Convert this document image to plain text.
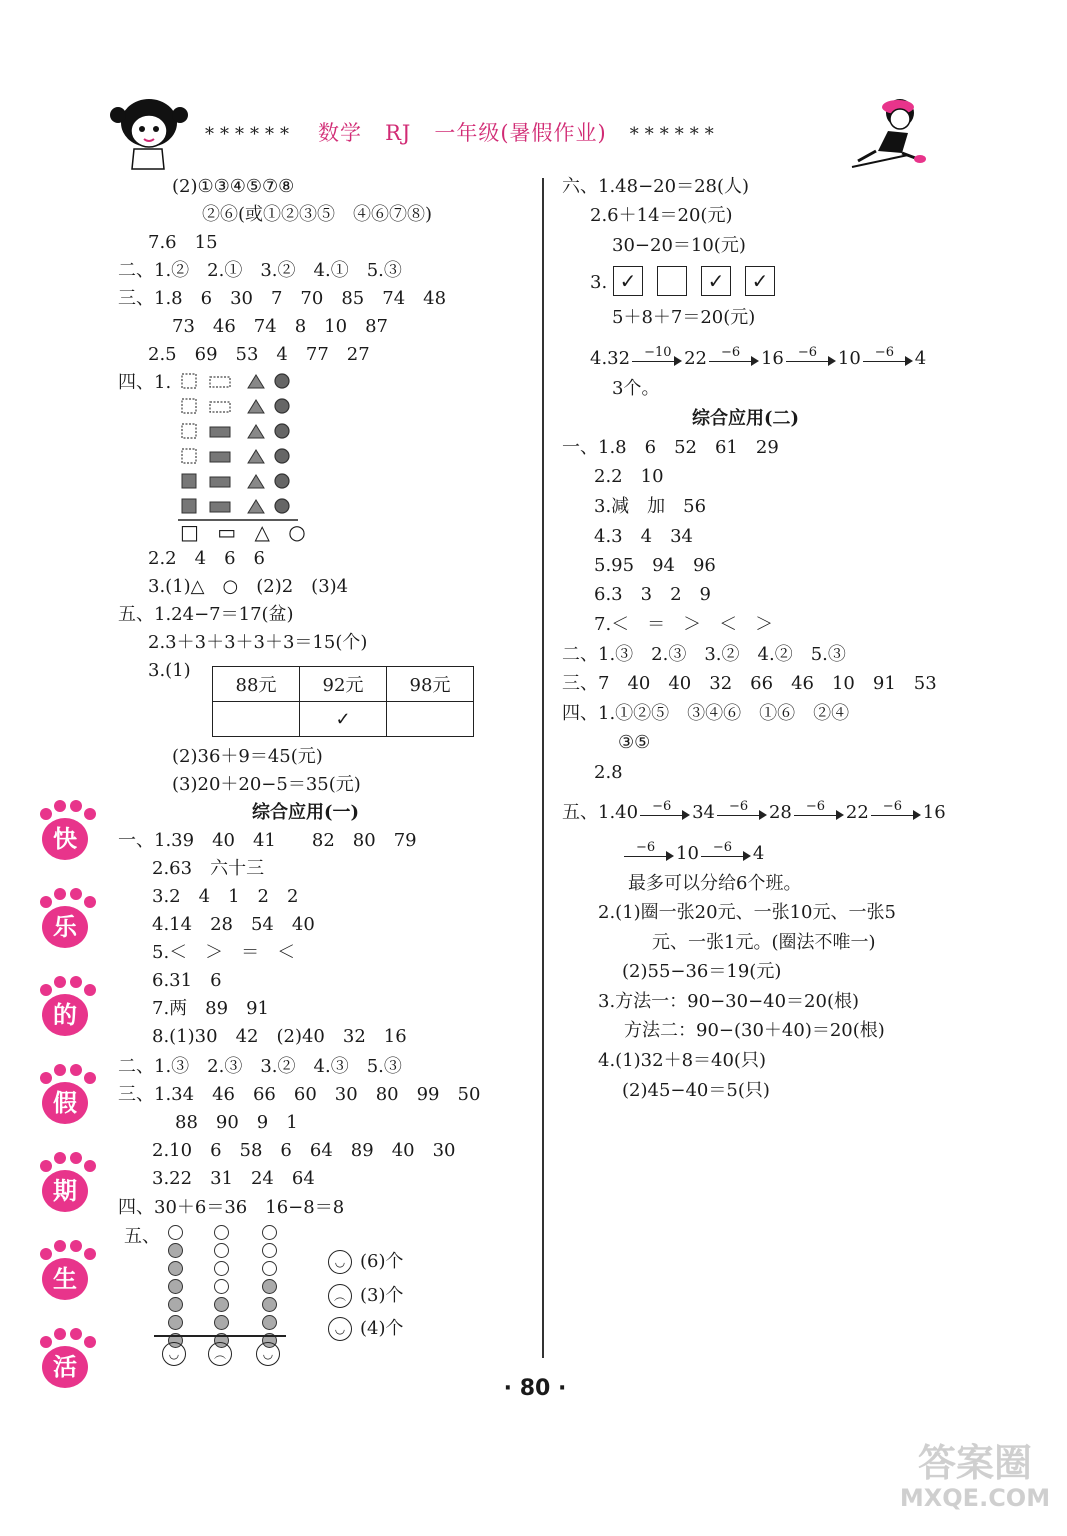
****** 数学 RJ 一年级(暑假作业) ******
(2)①③④⑤⑦⑧
②⑥(或①②③⑤　④⑥⑦⑧)
7.6　15
二、1.②　2.①　3.②　4.①　5.③
三、1.8　6　30　7　70　85　74　48
73　46　74　8　10　87
2.5　69　53　4　77　27
四、1.
□ ▭ △ ○
2.2　4　6　6
3.(1)△　○　(2)2　(3)4
五、1.24−7＝17(盆)
2.3＋3＋3＋3＋3＝15(个)
3.(1)
88元	92元	98元
	✓	
(2)36＋9＝45(元)
(3)20＋20−5＝35(元)
综合应用(一)
一、1.39　40　41　　82　80　79
2.63　六十三
3.2　4　1　2　2
4.14　28　54　40
5.＜　＞　＝　＜
6.31　6
7.两　89　91
8.(1)30　42　(2)40　32　16
二、1.③　2.③　3.②　4.③　5.③
三、1.34　46　66　60　30　80　99　50
88　90　9　1
2.10　6　58　6　64　89　40　30
3.22　31　24　64
四、30＋6＝36　16−8＝8
五、
◡	︵	◡
◡ (6)个
︵ (3)个
◡ (4)个
六、1.48−20＝28(人)
2.6＋14＝20(元)
30−20＝10(元)
3. ✓	✓ ✓
5＋8＋7＝20(元)
4.32 −10 22 −6 16 −6 10 −6 4
3个。
综合应用(二)
一、1.8　6　52　61　29
2.2　10
3.减　加　56
4.3　4　34
5.95　94　96
6.3　3　2　9
7.＜　＝　＞　＜　＞
二、1.③　2.③　3.②　4.②　5.③
三、7　40　40　32　66　46　10　91　53
四、1.①②⑤　③④⑥　①⑥　②④
③⑤
2.8
五、1.40 −6 34 −6 28 −6 22 −6 16
−6 10 −6 4
最多可以分给6个班。
2.(1)圈一张20元、一张10元、一张5
元、一张1元。(圈法不唯一)
(2)55−36＝19(元)
3.方法一：90−30−40＝20(根)
方法二：90−(30＋40)＝20(根)
4.(1)32＋8＝40(只)
(2)45−40＝5(只)
快
乐
的
假
期
生
活
· 80 ·
答案圈
MXQE.COM
